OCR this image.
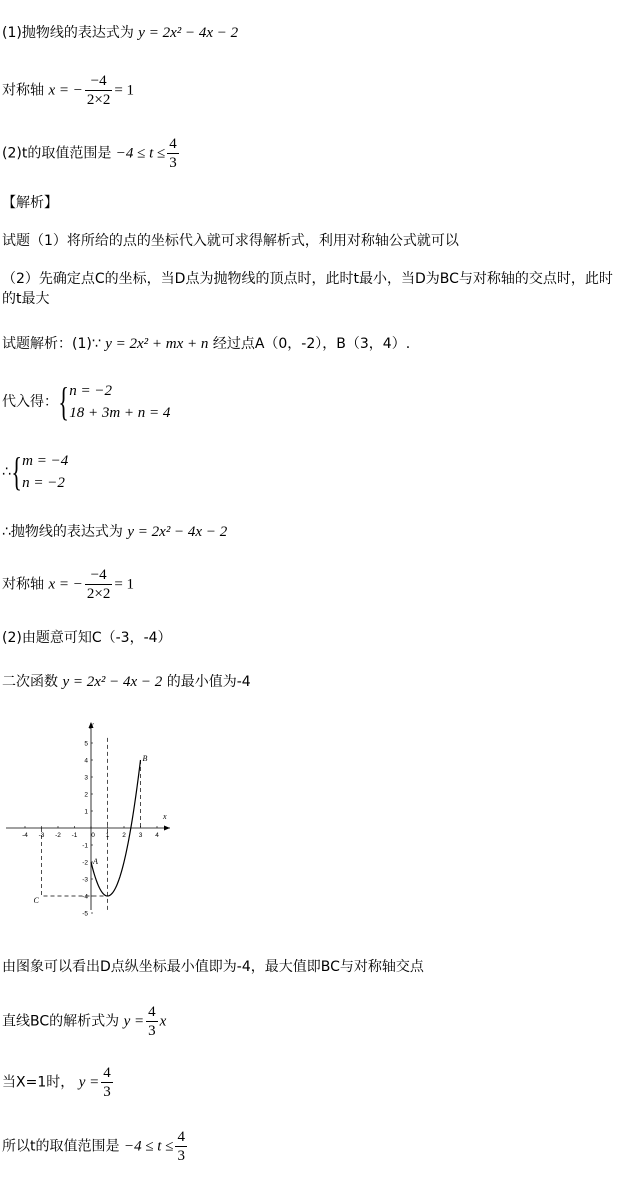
(1)抛物线的表达式为 y = 2x² − 4x − 2
对称轴 x = − $\frac{-4}{2\times 2} = 1$
(2)t的取值范围是 $-4 \le t \le \frac{4}{3}$
【解析】
试题（1）将所给的点的坐标代入就可求得解析式，利用对称轴公式就可以
（2）先确定点C的坐标，当D点为抛物线的顶点时，此时t最小，当D为BC与对称轴的交点时，此时的t最大
试题解析：(1)∵ y = 2x² + mx + n 经过点A（0，-2），B（3，4）.
代入得： { n = −2
18 + 3m + n = 4
∴ { m = −4
n = −2
∴抛物线的表达式为 y = 2x² − 4x − 2
对称轴 x = − $\frac{-4}{2\times 2} = 1$
(2)由题意可知C（-3，-4）
二次函数 y = 2x² − 4x − 2 的最小值为-4
x
y
-4 -3 -2 -1 0 1 2 3 4
5
4
3
2
1
-1
-2
-3
-4
-5
A
B
C
由图象可以看出D点纵坐标最小值即为-4，最大值即BC与对称轴交点
直线BC的解析式为 $y = \frac{4}{3}$ x
当X=1时， $y = \frac{4}{3}$
所以t的取值范围是 $-4 \le t \le \frac{4}{3}$
